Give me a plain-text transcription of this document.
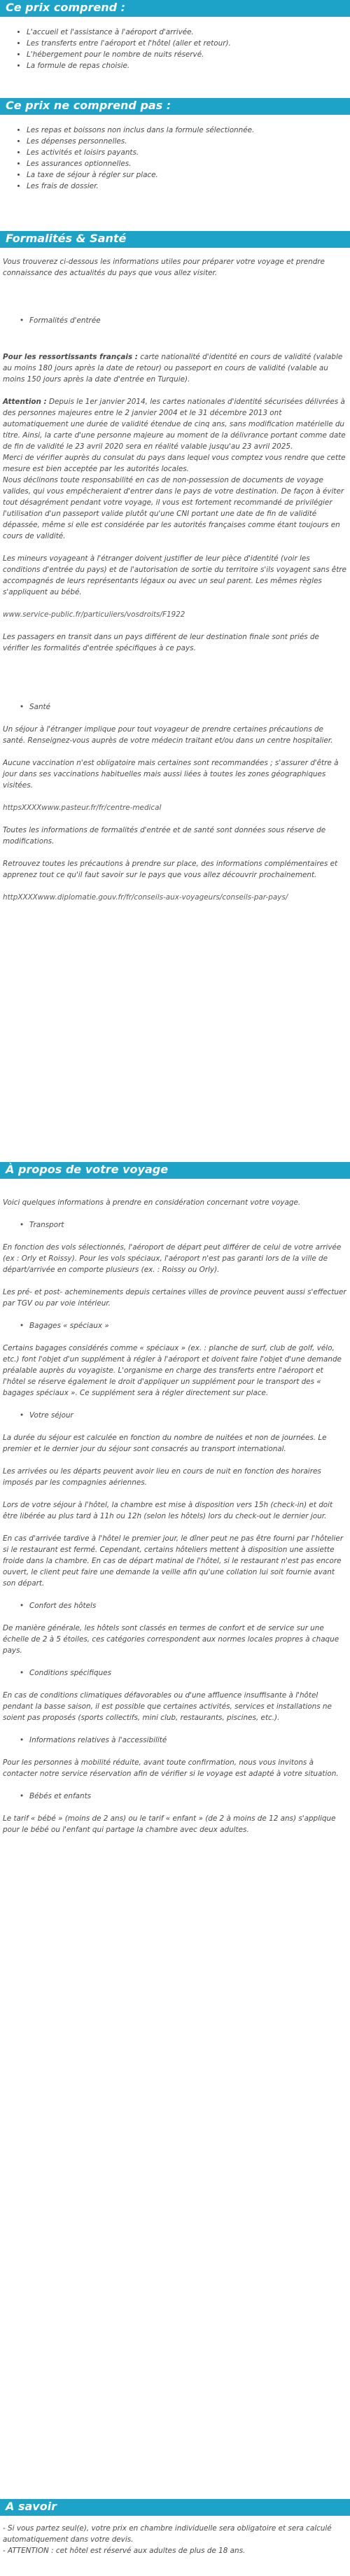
Ce prix comprend :
• L'accueil et l'assistance à l'aéroport d'arrivée.
• Les transferts entre l'aéroport et l'hôtel (aller et retour).
• L'hébergement pour le nombre de nuits réservé.
• La formule de repas choisie.
Ce prix ne comprend pas :
• Les repas et boissons non inclus dans la formule sélectionnée.
• Les dépenses personnelles.
• Les activités et loisirs payants.
• Les assurances optionnelles.
• La taxe de séjour à régler sur place.
• Les frais de dossier.
Formalités & Santé

Vous trouverez ci-dessous les informations utiles pour préparer votre voyage et prendre connaissance des actualités du pays que vous allez visiter.

• Formalités d'entrée

Pour les ressortissants français : carte nationalité d'identité en cours de validité (valable au moins 180 jours après la date de retour) ou passeport en cours de validité (valable au moins 150 jours après la date d'entrée en Turquie).

Attention : Depuis le 1er janvier 2014, les cartes nationales d'identité sécurisées délivrées à des personnes majeures entre le 2 janvier 2004 et le 31 décembre 2013 ont automatiquement une durée de validité étendue de cinq ans, sans modification matérielle du titre. Ainsi, la carte d'une personne majeure au moment de la délivrance portant comme date de fin de validité le 23 avril 2020 sera en réalité valable jusqu'au 23 avril 2025.

Merci de vérifier auprès du consulat du pays dans lequel vous comptez vous rendre que cette mesure est bien acceptée par les autorités locales.

Nous déclinons toute responsabilité en cas de non-possession de documents de voyage valides, qui vous empêcheraient d'entrer dans le pays de votre destination. De façon à éviter tout désagrément pendant votre voyage, il vous est fortement recommandé de privilégier l'utilisation d'un passeport valide plutôt qu'une CNI portant une date de fin de validité dépassée, même si elle est considérée par les autorités françaises comme étant toujours en cours de validité.

Les mineurs voyageant à l'étranger doivent justifier de leur pièce d'identité (voir les conditions d'entrée du pays) et de l'autorisation de sortie du territoire s'ils voyagent sans être accompagnés de leurs représentants légaux ou avec un seul parent. Les mêmes règles s'appliquent au bébé.

www.service-public.fr/particuliers/vosdroits/F1922

Les passagers en transit dans un pays différent de leur destination finale sont priés de vérifier les formalités d'entrée spécifiques à ce pays.

• Santé

Un séjour à l'étranger implique pour tout voyageur de prendre certaines précautions de santé. Renseignez-vous auprès de votre médecin traitant et/ou dans un centre hospitalier.

Aucune vaccination n'est obligatoire mais certaines sont recommandées ; s'assurer d'être à jour dans ses vaccinations habituelles mais aussi liées à toutes les zones géographiques visitées.

httpsXXXXwww.pasteur.fr/fr/centre-medical

Toutes les informations de formalités d'entrée et de santé sont données sous réserve de modifications.

Retrouvez toutes les précautions à prendre sur place, des informations complémentaires et apprenez tout ce qu'il faut savoir sur le pays que vous allez découvrir prochainement.

httpXXXXwww.diplomatie.gouv.fr/fr/conseils-aux-voyageurs/conseils-par-pays/

À propos de votre voyage

Voici quelques informations à prendre en considération concernant votre voyage.

• Transport

En fonction des vols sélectionnés, l'aéroport de départ peut différer de celui de votre arrivée (ex : Orly et Roissy). Pour les vols spéciaux, l'aéroport n'est pas garanti lors de la ville de départ/arrivée en comporte plusieurs (ex. : Roissy ou Orly).

Les pré- et post- acheminements depuis certaines villes de province peuvent aussi s'effectuer par TGV ou par voie intérieur.

• Bagages « spéciaux »

Certains bagages considérés comme « spéciaux » (ex. : planche de surf, club de golf, vélo, etc.) font l'objet d'un supplément à régler à l'aéroport et doivent faire l'objet d'une demande préalable auprès du voyagiste. L'organisme en charge des transferts entre l'aéroport et l'hôtel se réserve également le droit d'appliquer un supplément pour le transport des « bagages spéciaux ». Ce supplément sera à régler directement sur place.

• Votre séjour

La durée du séjour est calculée en fonction du nombre de nuitées et non de journées. Le premier et le dernier jour du séjour sont consacrés au transport international.

Les arrivées ou les départs peuvent avoir lieu en cours de nuit en fonction des horaires imposés par les compagnies aériennes.

Lors de votre séjour à l'hôtel, la chambre est mise à disposition vers 15h (check-in) et doit être libérée au plus tard à 11h ou 12h (selon les hôtels) lors du check-out le dernier jour.

En cas d'arrivée tardive à l'hôtel le premier jour, le dîner peut ne pas être fourni par l'hôtelier si le restaurant est fermé. Cependant, certains hôteliers mettent à disposition une assiette froide dans la chambre. En cas de départ matinal de l'hôtel, si le restaurant n'est pas encore ouvert, le client peut faire une demande la veille afin qu'une collation lui soit fournie avant son départ.

• Confort des hôtels

De manière générale, les hôtels sont classés en termes de confort et de service sur une échelle de 2 à 5 étoiles, ces catégories correspondent aux normes locales propres à chaque pays.

• Conditions spécifiques

En cas de conditions climatiques défavorables ou d'une affluence insuffisante à l'hôtel pendant la basse saison, il est possible que certaines activités, services et installations ne soient pas proposés (sports collectifs, mini club, restaurants, piscines, etc.).

• Informations relatives à l'accessibilité

Pour les personnes à mobilité réduite, avant toute confirmation, nous vous invitons à contacter notre service réservation afin de vérifier si le voyage est adapté à votre situation.

• Bébés et enfants

Le tarif « bébé » (moins de 2 ans) ou le tarif « enfant » (de 2 à moins de 12 ans) s'applique pour le bébé ou l'enfant qui partage la chambre avec deux adultes.

A savoir

- Si vous partez seul(e), votre prix en chambre individuelle sera obligatoire et sera calculé automatiquement dans votre devis.

- ATTENTION : cet hôtel est réservé aux adultes de plus de 18 ans.
